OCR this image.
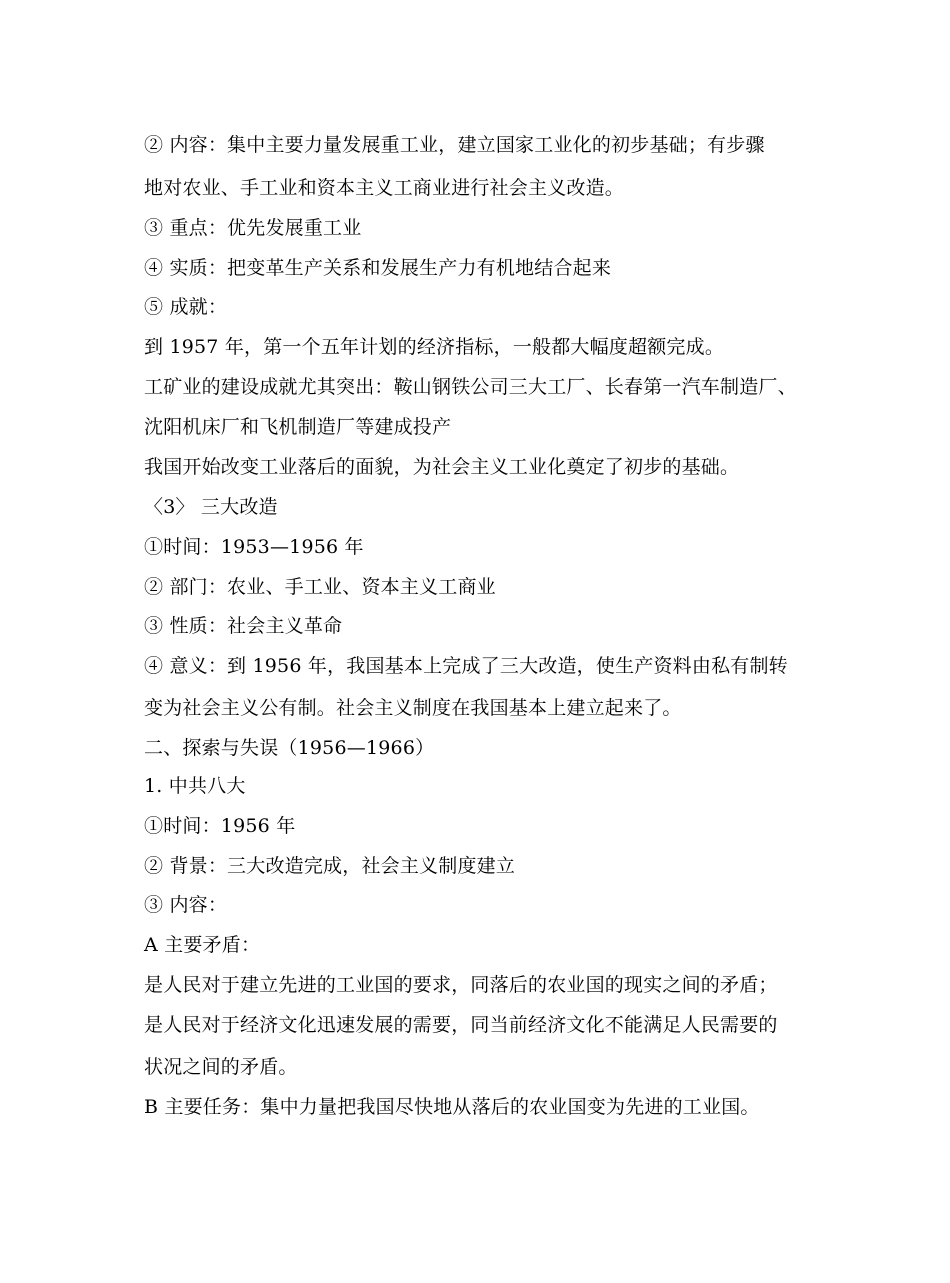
② 内容：集中主要力量发展重工业，建立国家工业化的初步基础；有步骤
地对农业、手工业和资本主义工商业进行社会主义改造。
③ 重点：优先发展重工业
④ 实质：把变革生产关系和发展生产力有机地结合起来
⑤ 成就：
到 1957 年，第一个五年计划的经济指标，一般都大幅度超额完成。
工矿业的建设成就尤其突出：鞍山钢铁公司三大工厂、长春第一汽车制造厂、
沈阳机床厂和飞机制造厂等建成投产
我国开始改变工业落后的面貌，为社会主义工业化奠定了初步的基础。
〈3〉 三大改造
①时间：1953—1956 年
② 部门：农业、手工业、资本主义工商业
③ 性质：社会主义革命
④ 意义：到 1956 年，我国基本上完成了三大改造，使生产资料由私有制转
变为社会主义公有制。社会主义制度在我国基本上建立起来了。
二、探索与失误（1956—1966）
1. 中共八大
①时间：1956 年
② 背景：三大改造完成，社会主义制度建立
③ 内容：
A 主要矛盾：
是人民对于建立先进的工业国的要求，同落后的农业国的现实之间的矛盾；
是人民对于经济文化迅速发展的需要，同当前经济文化不能满足人民需要的
状况之间的矛盾。
B 主要任务：集中力量把我国尽快地从落后的农业国变为先进的工业国。
